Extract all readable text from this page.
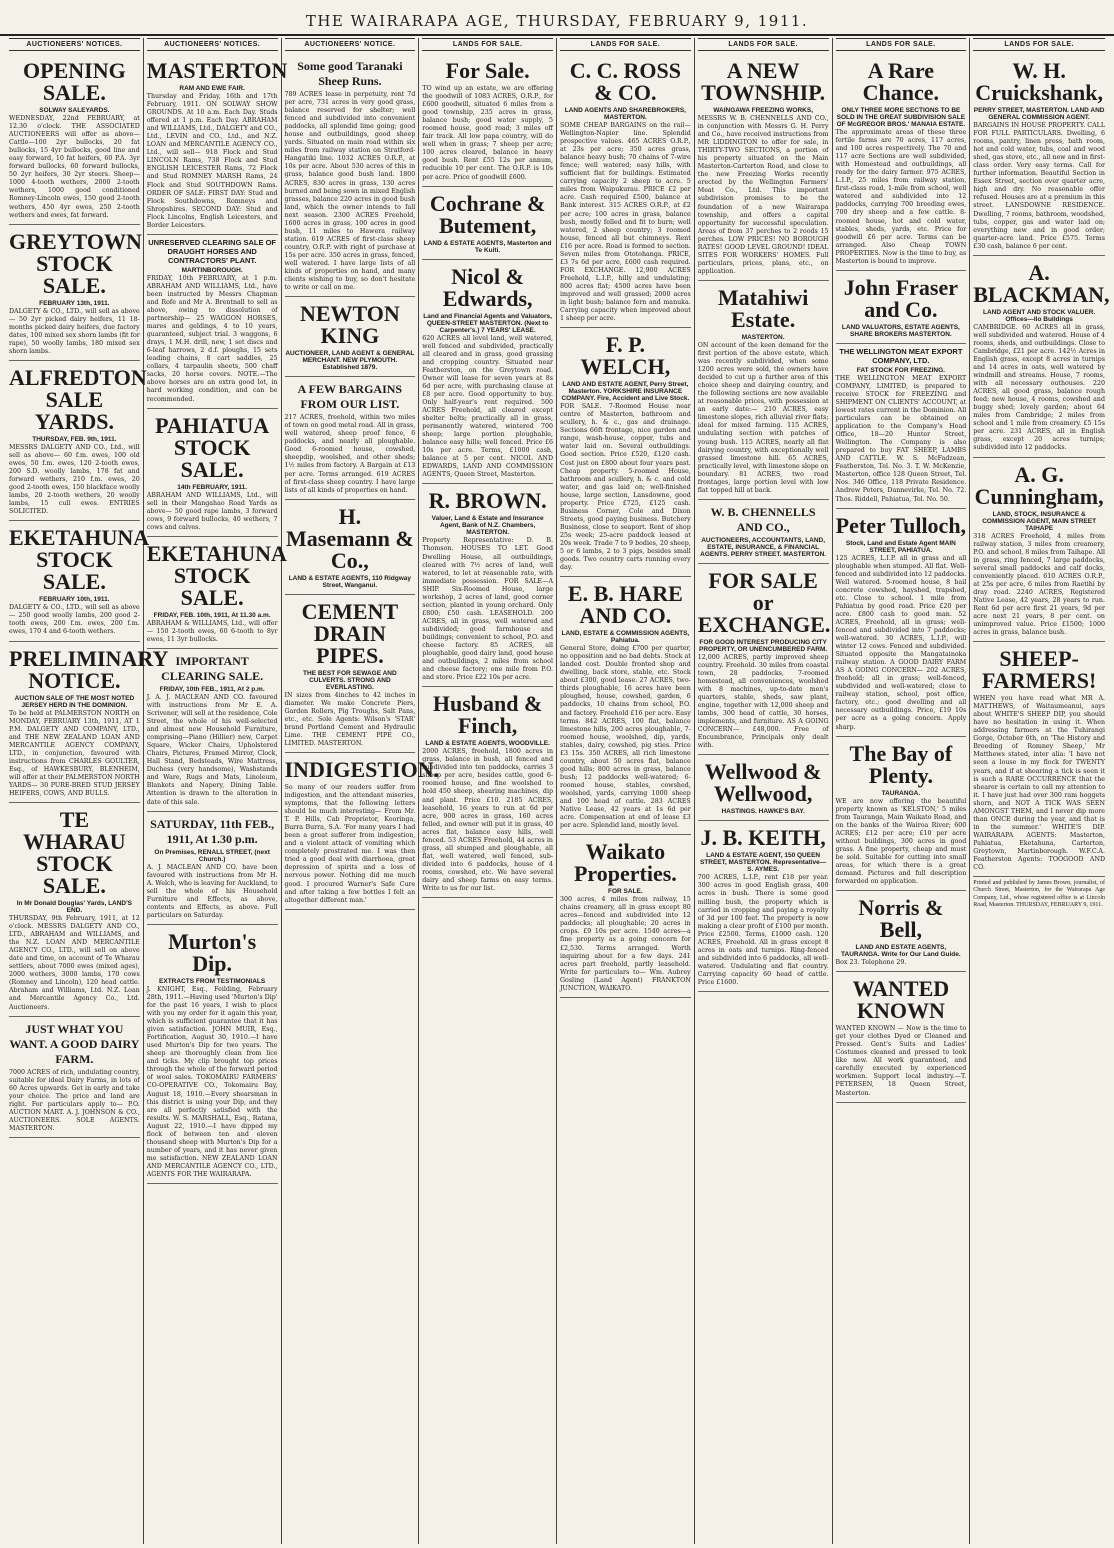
THE WAIRARAPA AGE, THURSDAY, FEBRUARY 9, 1911.
AUCTIONEERS' NOTICES.
OPENING SALE.
SOLWAY SALEYARDS.

WEDNESDAY, 22nd FEBRUARY, at 12.30 o'clock. THE ASSOCIATED AUCTIONEERS will offer as above— Cattle—100 2yr bullocks, 20 fat bullocks, 15 4yr bullocks, good line and easy forward, 10 fat heifers, 60 P.A. 3yr forward bullocks, 60 forward bullocks, 50 2yr heifers, 30 2yr steers. Sheep—1000 4-tooth wethers, 2000 2-tooth wethers, 1000 good conditioned Romney-Lincoln ewes, 150 good 2-tooth wethers, 450 4yr ewes, 250 2-tooth wethers and ewes, fat forward.

GREYTOWN STOCK SALE.
FEBRUARY 13th, 1911.

DALGETY & CO., LTD., will sell as above— 50 2yr picked dairy heifers, 11 18-months picked dairy heifers, due factory dates, 100 mixed sex shorn lambs (fit for rape), 50 woolly lambs, 180 mixed sex shorn lambs.

ALFREDTON SALE YARDS.
THURSDAY, FEB. 9th, 1911.

MESSRS DALGETY AND CO., Ltd., will sell as above— 60 f.m. ewes, 100 old ewes, 50 f.m. ewes, 120 2-tooth ewes, 200 S.D. woolly lambs, 178 fat and forward wethers, 210 f.m. ewes, 20 good 2-tooth ewes, 150 blackface woolly lambs, 20 2-tooth wethers, 20 woolly lambs, 15 cull ewes. ENTRIES SOLICITED.

EKETAHUNA STOCK SALE.
FEBRUARY 10th, 1911.

DALGETY & CO., LTD., will sell as above— 250 good woolly lambs, 200 good 2-tooth ewes, 200 f.m. ewes, 200 f.m. ewes, 170 4 and 6-tooth wethers.

PRELIMINARY NOTICE.
AUCTION SALE OF THE MOST NOTED JERSEY HERD IN THE DOMINION.

To be held at PALMERSTON NORTH on MONDAY, FEBRUARY 13th, 1911, AT 1 P.M. DALGETY AND COMPANY, LTD., and THE NEW ZEALAND LOAN AND MERCANTILE AGENCY COMPANY, LTD., in conjunction, favoured with instructions from CHARLES GOULTER, Esq., of HAWKESBURY, BLENHEIM, will offer at their PALMERSTON NORTH YARDS— 30 PURE-BRED STUD JERSEY HEIFERS, COWS, AND BULLS.

TE WHARAU STOCK SALE.
In Mr Donald Douglas' Yards, LAND'S END.

THURSDAY, 9th February, 1911, at 12 o'clock. MESSRS DALGETY AND CO., LTD., ABRAHAM and WILLIAMS, and the N.Z. LOAN AND MERCANTILE AGENCY CO., LTD., will sell on above date and time, on account of Te Wharau settlers, about 7000 ewes (mixed ages), 2000 wethers, 3000 lambs, 170 cows (Romney and Lincoln), 120 head cattle. Abraham and Williams, Ltd. N.Z. Loan and Mercantile Agency Co., Ltd. Auctioneers.

JUST WHAT YOU WANT. A GOOD DAIRY FARM.

7000 ACRES of rich, undulating country, suitable for ideal Dairy Farms, in lots of 60 Acres upwards. Get in early and take your choice. The price and land are right. For particulars apply to— P.O. AUCTION MART. A. J. JOHNSON & CO., AUCTIONEERS. SOLE AGENTS. MASTERTON.

AUCTIONEERS' NOTICES.
MASTERTON
RAM AND EWE FAIR.

Thursday and Friday, 16th and 17th February, 1911. ON SOLWAY SHOW GROUNDS. At 10 a.m. Each Day. Studs offered at 1 p.m. Each Day. ABRAHAM and WILLIAMS, Ltd., DALGETY and CO., Ltd., LEVIN and CO., Ltd., and N.Z. LOAN and MERCANTILE AGENCY CO., Ltd., will sell— 918 Flock and Stud LINCOLN Rams, 738 Flock and Stud ENGLISH LEICESTER Rams, 72 Flock and Stud ROMNEY MARSH Rams, 24 Flock and Stud SOUTHDOWN Rams. ORDER OF SALE: FIRST DAY: Stud and Flock Southdowns, Romneys and Shropshires. SECOND DAY: Stud and Flock Lincolns, English Leicesters, and Border Leicesters.

UNRESERVED CLEARING SALE OF DRAUGHT HORSES AND CONTRACTORS' PLANT.
MARTINBOROUGH.

FRIDAY, 10th FEBRUARY, at 1 p.m. ABRAHAM AND WILLIAMS, Ltd., have been instructed by Messrs Chapman and Rofe and Mr A. Brentnall to sell as above, owing to dissolution of partnership— 25 WAGGON HORSES, mares and geldings, 4 to 10 years, guaranteed, subject trial. 3 waggons, 6 drays, 1 M.H. drill, new, 1 set discs and 6-leaf harrows, 2 d.f. ploughs, 15 sets leading chains, 8 cart saddles, 25 collars, 4 tarpaulin sheets, 500 chaff sacks, 20 horse covers. NOTE.—The above horses are an extra good lot, in hard working condition, and can be recommended.

PAHIATUA STOCK SALE.
14th FEBRUARY, 1911.

ABRAHAM AND WILLIAMS, Ltd., will sell in their Mangahao Road Yards as above— 50 good rape lambs, 3 forward cows, 9 forward bullocks, 40 wethers, 7 cows and calves.

EKETAHUNA STOCK SALE.
FRIDAY, FEB. 10th, 1911, At 11.30 a.m.

ABRAHAM & WILLIAMS, Ltd., will offer— 150 2-tooth ewes, 60 6-tooth to 8yr ewes, 11 3yr bullocks.

IMPORTANT CLEARING SALE.
FRIDAY, 10th FEB., 1911, At 2 p.m.

J. A. J. MACLEAN AND CO. favoured with instructions from Mr E. A. Scrivener, will sell at the residence, Cole Street, the whole of his well-selected and almost new Household Furniture, comprising—Piano (Hillier) new, Carpet Square, Wicker Chairs, Upholstered Chairs, Pictures, Framed Mirror, Clock, Hall Stand, Bedsteads, Wire Mattress, Duchess (very handsome), Washstands and Ware, Rugs and Mats, Linoleum, Blankets and Napery, Dining Table. Attention is drawn to the alteration in date of this sale.

SATURDAY, 11th FEB., 1911, At 1.30 p.m.
On Premises, RENALL STREET, (next Church.)

A. J. MACLEAN AND CO. have been favoured with instructions from Mr H. A. Welch, who is leaving for Auckland, to sell the whole of his Household Furniture and Effects, as above, contents and Effects, as above. Full particulars on Saturday.

Murton's Dip.
EXTRACTS FROM TESTIMONIALS

J. KNIGHT, Esq., Feilding, February 28th, 1911.—Having used 'Murton's Dip' for the past 16 years, I wish to place with you my order for it again this year, which is sufficient guarantee that it has given satisfaction. JOHN MUIR, Esq., Fortification, August 30, 1910.—I have used Murton's Dip for two years. The sheep are thoroughly clean from lice and ticks. My clip brought top prices through the whole of the forward period of wool sales. TOKOMAIRU FARMERS' CO-OPERATIVE CO., Tokomairu Bay, August 18, 1910.—Every shearsman in this district is using your Dip, and they are all perfectly satisfied with the results. W. S. MARSHALL, Esq., Ratana, August 22, 1910.—I have dipped my flock of between ten and eleven thousand sheep with Murton's Dip for a number of years, and it has never given me satisfaction. NEW ZEALAND LOAN AND MERCANTILE AGENCY CO., LTD., AGENTS FOR THE WAIRARAPA.

AUCTIONEERS' NOTICE.
Some good Taranaki Sheep Runs.

789 ACRES lease in perpetuity, rent 7d per acre, 731 acres in very good grass, balance reserved for shelter; well fenced and subdivided into convenient paddocks, all splendid lime going; good house and outbuildings, good sheep yards. Situated on main road within six miles from railway station on Stratford-Hangatiki line. 1032 ACRES O.R.P., at 10s per acre. About 530 acres of this in grass, balance good bush land. 1800 ACRES, 830 acres in grass, 130 acres burned and being sown in mixed English grasses, balance 220 acres in good bush land, which the owner intends to fall next season. 2300 ACRES Freehold, 1600 acres in grass, 100 acres in good bush, 11 miles to Hawera railway station. 619 ACRES of first-class sheep country, O.R.P. with right of purchase at 15s per acre. 350 acres in grass, fenced, well watered. I have large lists of all kinds of properties on hand, and many clients wishing to buy, so don't hesitate to write or call on me.

NEWTON KING
AUCTIONEER, LAND AGENT & GENERAL MERCHANT. NEW PLYMOUTH. Established 1879.
A FEW BARGAINS FROM OUR LIST.

217 ACRES, freehold, within two miles of town on good metal road. All in grass, well watered, sheep proof fence, 6 paddocks, and nearly all ploughable. Good 6-roomed house, cowshed, sheepdip, woolshed, and other sheds; 1½ miles from factory. A Bargain at £13 per acre. Terms arranged. 619 ACRES of first-class sheep country. I have large lists of all kinds of properties on hand.

H. Masemann & Co.,
LAND & ESTATE AGENTS, 110 Ridgway Street, Wanganui.
CEMENT DRAIN PIPES.
THE BEST FOR SEWAGE AND CULVERTS. STRONG AND EVERLASTING.

IN sizes from 4inches to 42 inches in diameter. We make Concrete Piers, Garden Rollers, Pig Troughs, Salt Pans, etc., etc. Sole Agents: Wilson's 'STAR' brand Portland Cement and Hydraulic Lime. THE CEMENT PIPE CO., LIMITED. MASTERTON.

INDIGESTION.

So many of our readers suffer from indigestion, and the attendant miseries, symptoms, that the following letters should be much interesting— From Mr. T. P. Hills, Cab Proprietor, Kooringa, Burra Burra, S.A. 'For many years I had been a great sufferer from indigestion, and a violent attack of vomiting which completely prostrated me. I was then tried a good deal with diarrhoea, great depression of spirits and a loss of nervous power. Nothing did me much good. I procured Warner's Safe Cure and after taking a few bottles I felt an altogether different man.'

LANDS FOR SALE.
For Sale.

TO wind up an estate, we are offering the goodwill of 1083 ACRES, O.R.P., for £600 goodwill, situated 6 miles from a good township, 235 acres in grass, balance bush; good water supply, 5 roomed house, good road; 3 miles off fair track. All low papa country, will do well when in grass; 7 sheep per acre; 100 acres cleared, balance in heavy good bush. Rent £55 12s per annum, reducible 10 per cent. The O.R.P. is 10s per acre. Price of goodwill £600.

Cochrane & Butement,
LAND & ESTATE AGENTS, Masterton and Te Kuiti.
Nicol & Edwards,
Land and Financial Agents and Valuators, QUEEN-STREET MASTERTON. (Next to Carpenter's.) 7 YEARS' LEASE.

620 ACRES all level land, well watered, well fenced and subdivided, practically all cleared and in grass, good grassing and cropping country. Situated near Featherston, on the Greytown road. Owner will lease for seven years at 8s 6d per acre, with purchasing clause at £8 per acre. Good opportunity to buy. Only half-year's rent required. 500 ACRES Freehold, all cleared except shelter belts; practically all in grass, permanently watered, wintered 700 sheep; large portion ploughable, balance easy hills; well fenced. Price £6 10s per acre. Terms, £1000 cash, balance at 5 per cent. NICOL AND EDWARDS, LAND AND COMMISSION AGENTS, Queen Street, Masterton.

R. BROWN.
Valuer, Land & Estate and Insurance Agent, Bank of N.Z. Chambers, MASTERTON.

Property Representative: D. B. Thomson. HOUSES TO LET. Good Dwelling House, all outbuildings, cleared with 7½ acres of land, well watered, to let at reasonable rate, with immediate possession. FOR SALE—A SHIP. Six-Roomed House, large workshop, 2 acres of land, good corner section, planted in young orchard. Only £800; £50 cash. LEASEHOLD. 200 ACRES, all in grass, well watered and subdivided; good farmhouse and buildings; convenient to school, P.O. and cheese factory. 85 ACRES, all ploughable, good dairy land, good house and outbuildings, 2 miles from school and cheese factory; one mile from P.O. and store. Price £22 10s per acre.

Husband & Finch,
LAND & ESTATE AGENTS, WOODVILLE.

2000 ACRES, freehold, 1800 acres in grass, balance in bush, all fenced and subdivided into ten paddocks, carries 3 sheep per acre, besides cattle, good 6-roomed house, and fine woolshed to hold 450 sheep, shearing machines, dip and plant. Price £10. 2185 ACRES, leasehold, 16 years to run at 6d per acre, 900 acres in grass, 160 acres felled, and owner will put it in grass, 40 acres flat, balance easy hills, well fenced. 53 ACRES Freehold, 44 acres in grass, all stumped and ploughable, all flat, well watered, well fenced, sub-divided into 6 paddocks, house of 4 rooms, cowshed, etc. We have several dairy and sheep farms on easy terms. Write to us for our list.

LANDS FOR SALE.
C. C. ROSS & CO.
LAND AGENTS AND SHAREBROKERS, MASTERTON.

SOME CHEAP BARGAINS on the rail—Wellington-Napier line. Splendid prospective values. 465 ACRES O.R.P., at 23s per acre; 350 acres grass, balance heavy bush; 70 chains of 7-wire fence; well watered; easy hills, with sufficient flat for buildings. Estimated carrying capacity 2 sheep to acre. 5 miles from Waipukurau. PRICE £2 per acre. Cash required £500, balance at Bank interest. 315 ACRES O.R.P., at £2 per acre; 100 acres in grass, balance bush, mostly felled and fit to burn; well watered, 2 sheep country; 3 roomed house, fenced all but chimneys. Rent £16 per acre. Road is formed to section. Seven miles from Ototohanga. PRICE, £3 7s 6d per acre, £600 cash required. FOR EXCHANGE. 12,900 ACRES Freehold, L.I.P., hilly and undulating; 800 acres flat; 4500 acres have been improved and well grassed; 2000 acres in light bush; balance fern and manuka. Carrying capacity when improved about 1 sheep per acre.

F. P. WELCH,
LAND AND ESTATE AGENT, Perry Street, Masterton. YORKSHIRE INSURANCE COMPANY. Fire, Accident and Live Stock.

FOR SALE. 7-Roomed House near centre of Masterton, bathroom and scullery, h. & c., gas and drainage. Sections 66ft frontage, nice garden and range, wash-house, copper, tubs and water laid on. Several outbuildings. Good section. Price £520, £120 cash. Cost just on £800 about four years past. Cheap property. 5-roomed House, bathroom and scullery, h. & c. and cold water, and gas laid on; well-finished house, large section, Lansdowne, good property. Price £725, £125 cash. Business Corner, Cole and Dixon Streets, good paying business. Butchery Business, close to seaport. Rent of shop 25s week; 25-acre paddock leased at 20s week. Trade 7 to 9 bodies, 20 sheep, 5 or 6 lambs, 2 to 3 pigs, besides small goods. Two country carts running every day.

E. B. HARE AND CO.
LAND, ESTATE & COMMISSION AGENTS, Pahiatua.

General Store, doing £700 per quarter, no opposition and no bad debts. Stock at landed cost. Double fronted shop and dwelling, back store, stable, etc. Stock about £300, good lease. 27 ACRES, two-thirds ploughable, 16 acres have been ploughed, house, cowshed, garden, 6 paddocks, 10 chains from school, P.O. and factory. Freehold £16 per acre. Easy terms. 842 ACRES, 100 flat, balance limestone hills, 200 acres ploughable, 7-roomed house, woolshed, dip, yards, stables, dairy, cowshed, pig sties. Price £3 15s. 350 ACRES, all rich limestone country, about 50 acres flat, balance good hills; 800 acres in grass, balance bush; 12 paddocks well-watered; 6-roomed house, stables, cowshed, woolshed, yards, carrying 1000 sheep and 100 head of cattle. 283 ACRES Native Lease, 42 years at 1s 6d per acre. Compensation at end of lease £3 per acre. Splendid land, mostly level.

Waikato Properties.
FOR SALE.

300 acres, 4 miles from railway, 15 chains creamery, all in grass except 80 acres—fenced and subdivided into 12 paddocks; all ploughable; 20 acres in crops. £9 10s per acre. 1540 acres—a fine property as a going concern for £2,530. Terms arranged. Worth inquiring about for a few days. 241 acres part freehold, partly leasehold. Write for particulars to— Wm. Aubrey Gosling (Land Agent) FRANKTON JUNCTION, WAIKATO.

LANDS FOR SALE.
A NEW TOWNSHIP.
WAINGAWA FREEZING WORKS,

MESSRS W. B. CHENNELLS AND CO., in conjunction with Messrs G. H. Perry and Co., have received instructions from MR LIDDINGTON to offer for sale, in THIRTY-TWO SECTIONS, a portion of his property situated on the Main Masterton-Carterton Road, and close to the new Freezing Works recently erected by the Wellington Farmers' Meat Co., Ltd. This important subdivision promises to be the foundation of a new Wairarapa township, and offers a capital opportunity for successful speculation. Areas of from 37 perches to 2 roods 15 perches. LOW PRICES! NO BOROUGH RATES! GOOD LEVEL GROUND! IDEAL SITES FOR WORKERS' HOMES. Full particulars, prices, plans, etc., on application.

Matahiwi Estate.
MASTERTON.

ON account of the keen demand for the first portion of the above estate, which was recently subdivided, when some 1200 acres were sold, the owners have decided to cut up a further area of this choice sheep and dairying country, and the following sections are now available at reasonable prices, with possession at an early date:— 210 ACRES, easy limestone slopes, rich alluvial river flats; ideal for mixed farming. 115 ACRES, undulating section with patches of young bush. 115 ACRES, nearly all flat dairying country, with exceptionally well grassed limestone hill. 65 ACRES, practically level, with limestone slope on boundary. 81 ACRES, two road frontages, large portion level with low flat topped hill at back.

W. B. CHENNELLS AND CO.,
AUCTIONEERS, ACCOUNTANTS, LAND, ESTATE, INSURANCE, & FINANCIAL AGENTS. PERRY STREET. MASTERTON.
FOR SALE or EXCHANGE.
FOR GOOD INTEREST PRODUCING CITY PROPERTY, OR UNENCUMBERED FARM.

12,000 ACRES, partly improved sheep country. Freehold. 30 miles from coastal town, 28 paddocks, 7-roomed homestead, all conveniences, woolshed with 8 machines, up-to-date men's quarters, stable, sheds, saw plant, engine, together with 12,000 sheep and lambs, 300 head of cattle, 30 horses, implements, and furniture. AS A GOING CONCERN— £48,000. Free of Encumbrance, Principals only dealt with.

Wellwood & Wellwood,
HASTINGS. HAWKE'S BAY.
J. B. KEITH,
LAND & ESTATE AGENT, 150 QUEEN STREET, MASTERTON. Representative—S. AYMES.

700 ACRES, L.I.P., rent £18 per year. 300 acres in good English grass, 400 acres in bush. There is some good milling bush, the property which is carried in cropping and paying a royalty of 3d per 100 feet. The property is now making a clear profit of £100 per month. Price £2500. Terms, £1000 cash. 120 ACRES, Freehold. All in grass except 8 acres in oats and turnips. Ring-fenced and subdivided into 6 paddocks, all well-watered. Undulating and flat country. Carrying capacity 60 head of cattle. Price £1600.

LANDS FOR SALE.
A Rare Chance.
ONLY THREE MORE SECTIONS TO BE SOLD IN THE GREAT SUBDIVISION SALE OF McGREGOR BROS.' MANAIA ESTATE.

The approximate areas of these three fertile farms are 70 acres, 117 acres, and 100 acres respectively. The 70 and 117 acre Sections are well subdivided, with Homestead and outbuildings, all ready for the dairy farmer. 975 ACRES, L.I.P., 25 miles from railway station, first-class road, 1-mile from school, well watered and subdivided into 12 paddocks, carrying 700 breeding ewes, 700 dry sheep and a few cattle. 8-roomed house, hot and cold water, stables, sheds, yards, etc. Price for goodwill £6 per acre. Terms can be arranged. Also Cheap TOWN PROPERTIES. Now is the time to buy, as Masterton is bound to improve.

John Fraser and Co.
LAND VALUATORS, ESTATE AGENTS, SHARE BROKERS MASTERTON.
THE WELLINGTON MEAT EXPORT COMPANY, LTD.
FAT STOCK FOR FREEZING.

THE WELLINGTON MEAT EXPORT COMPANY, LIMITED, is prepared to receive STOCK for FREEZING and SHIPMENT ON CLIENTS' ACCOUNT, at lowest rates current in the Dominion. All particulars can be obtained on application to the Company's Head Office, 18—20 Hunter Street, Wellington. The Company is also prepared to buy FAT SHEEP, LAMBS AND CATTLE. W. S. McFadzean, Featherston, Tel. No. 3. T. W. McKenzie, Masterton, office 128 Queen Street, Tel. Nos. 346 Office, 118 Private Residence. Andrew Peters, Dannevirke, Tel. No. 72. Thos. Riddell, Pahiatua, Tel. No. 50.

Peter Tulloch,
Stock, Land and Estate Agent MAIN STREET, PAHIATUA.

125 ACRES, L.I.P. all in grass and all ploughable when stumped. All flat. Well-fenced and subdivided into 12 paddocks. Well watered. 5-roomed house, 8 bail concrete cowshed, hayshed, trapshed, etc. Close to school. 1 mile from Pahiatua by good road. Price £20 per acre. £800 cash to good man. 52 ACRES, Freehold, all in grass; well-fenced and subdivided into 7 paddocks; well-watered. 30 ACRES, L.I.P., will winter 12 cows. Fenced and subdivided. Situated opposite the Mangatainoka railway station. A GOOD DAIRY FARM AS A GOING CONCERN— 202 ACRES, freehold; all in grass; well-fenced, subdivided and well-watered; close to railway station, school, post office, factory, etc.; good dwelling and all necessary outbuildings. Price, £19 10s per acre as a going concern. Apply sharp.

The Bay of Plenty.
TAURANGA.

WE are now offering the beautiful property known as 'KELSTON,' 5 miles from Tauranga, Main Waikato Road, and on the banks of the Wairoa River; 600 ACRES; £12 per acre; £10 per acre without buildings, 300 acres in good grass. A fine property, cheap and must be sold. Suitable for cutting into small areas, for which there is a great demand. Pictures and full description forwarded on application.

Norris & Bell,
LAND AND ESTATE AGENTS, TAURANGA. Write for Our Land Guide.

Box 23. Telephone 29.

WANTED KNOWN

WANTED KNOWN — Now is the time to get your clothes Dyed or Cleaned and Pressed. Gent's Suits and Ladies' Costumes cleaned and pressed to look like new. All work guaranteed, and carefully executed by experienced workmen. Support local industry.—T. PETERSEN, 18 Queen Street, Masterton.

LANDS FOR SALE.
W. H. Cruickshank,
PERRY STREET, MASTERTON. LAND AND GENERAL COMMISSION AGENT.

BARGAINS IN HOUSE PROPERTY. CALL FOR FULL PARTICULARS. Dwelling, 6 rooms, pantry, linen press, bath room, hot and cold water, tubs, coal and wood shed, gas stove, etc., all new and in first-class order. Very easy terms. Call for further information. Beautiful Section in Essex Street, section over quarter acre, high and dry. No reasonable offer refused. Houses are at a premium in this street. LANSDOWNE RESIDENCE. Dwelling, 7 rooms, bathroom, woodshed, tubs, copper, gas and water laid on; everything new and in good order; quarter-acre land. Price £575. Terms £30 cash, balance 6 per cent.

A. BLACKMAN,
LAND AGENT AND STOCK VALUER. Offices—Ilo Buildings

CAMBRIDGE. 60 ACRES all in grass, well subdivided and watered. House of 4 rooms, sheds, and outbuildings. Close to Cambridge, £21 per acre. 142½ Acres in English grass, except 8 acres in turnips and 14 acres in oats, well watered by windmill and streams. House, 7 rooms, with all necessary outhouses. 220 ACRES, all good grass, balance rough feed; new house, 4 rooms, cowshed and buggy shed; lovely garden; about 64 miles from Cambridge; 2 miles from school and 1 mile from creamery. £5 15s per acre. 231 ACRES, all in English grass, except 20 acres turnips; subdivided into 12 paddocks.

A. G. Cunningham,
LAND, STOCK, INSURANCE & COMMISSION AGENT, MAIN STREET TAIHAPE

318 ACRES Freehold, 4 miles from railway station, 3 miles from creamery, P.O. and school, 8 miles from Taihape. All in grass, ring fenced, 7 large paddocks, several small paddocks and calf docks, conveniently placed. 610 ACRES O.R.P., at 25s per acre, 6 miles from Raetihi by dray road. 2240 ACRES, Registered Native Lease, 42 years, 28 years to run. Rent 6d per acre first 21 years, 9d per acre next 21 years, 8 per cent. on unimproved value. Price £1500; 1000 acres in grass, balance bush.

SHEEP-FARMERS!

WHEN you have read what MR A. MATTHEWS, of Waitaumeanui, says about WHITE'S SHEEP DIP, you should have no hesitation in using it. When addressing farmers at the Tuhirangi Gorge, October 6th, on 'The History and Breeding of Romney Sheep,' Mr Matthews stated, inter alia: 'I have not seen a louse in my flock for TWENTY years, and if at shearing a tick is seen it is such a RARE OCCURRENCE that the shearer is certain to call my attention to it. I have just had over 300 ram hoggets shorn, and NOT A TICK WAS SEEN AMONGST THEM, and I never dip more than ONCE during the year, and that is in the summer.' WHITE'S DIP. WAIRARAPA AGENTS: Masterton, Pahiatua, Eketahuna, Carterton, Greytown, Martinborough. W.F.C.A. Featherston Agents: TOOGOOD AND CO.

Printed and published by James Brown, journalist, of Church Street, Masterton, for the Wairarapa Age Company, Ltd., whose registered office is at Lincoln Road, Masterton. THURSDAY, FEBRUARY 9, 1911.
